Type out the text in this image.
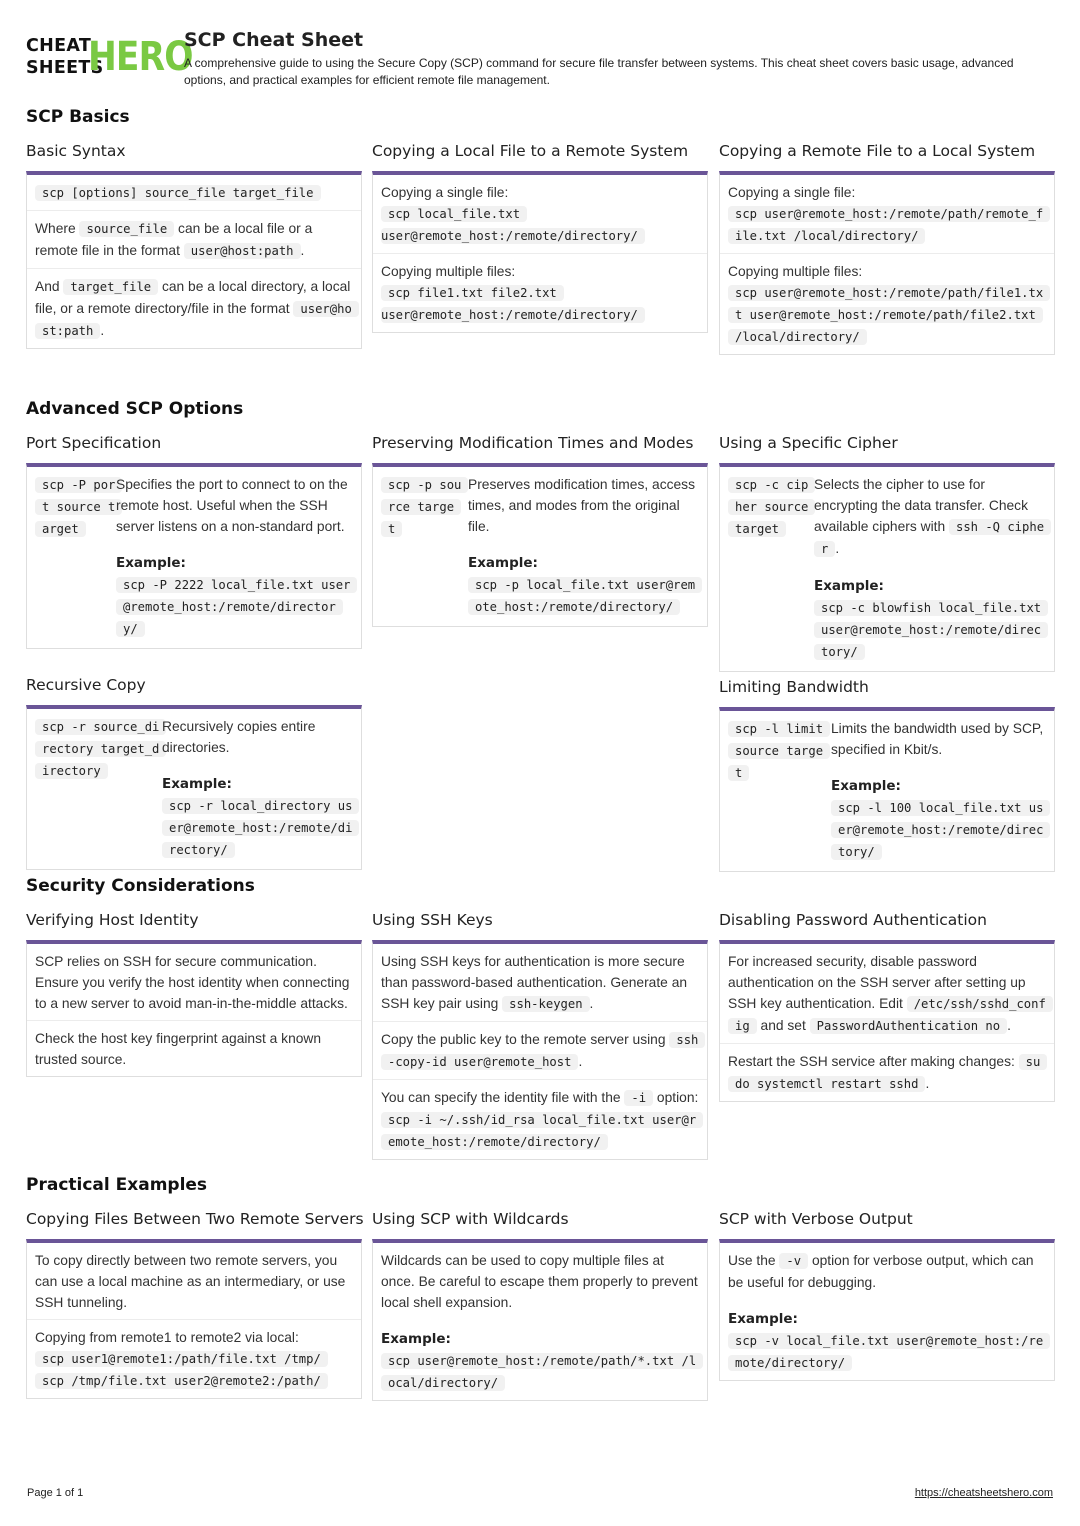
CHEAT
SHEETS
HERO
SCP Cheat Sheet
A comprehensive guide to using the Secure Copy (SCP) command for secure file transfer between systems. This cheat sheet covers basic usage, advanced options, and practical examples for efficient remote file management.
SCP Basics
Basic Syntax
scp [options] source_file target_file
Where source_file can be a local file or a remote file in the format user@host:path .
And target_file can be a local directory, a local file, or a remote directory/file in the format user@host:path .
Copying a Local File to a Remote System
Copying a single file:
scp local_file.txt
user@remote_host:/remote/directory/
Copying multiple files:
scp file1.txt file2.txt
user@remote_host:/remote/directory/
Copying a Remote File to a Local System
Copying a single file:
scp user@remote_host:/remote/path/remote_file.txt /local/directory/
Copying multiple files:
scp user@remote_host:/remote/path/file1.txt user@remote_host:/remote/path/file2.txt /local/directory/
Advanced SCP Options
Port Specification
scp -P port source target
Specifies the port to connect to on the remote host. Useful when the SSH server listens on a non-standard port.
Example:
scp -P 2222 local_file.txt user@remote_host:/remote/directory/
Preserving Modification Times and Modes
scp -p source target
Preserves modification times, access times, and modes from the original file.
Example:
scp -p local_file.txt user@remote_host:/remote/directory/
Using a Specific Cipher
scp -c cipher source target
Selects the cipher to use for encrypting the data transfer. Check available ciphers with ssh -Q cipher .
Example:
scp -c blowfish local_file.txt user@remote_host:/remote/directory/
Recursive Copy
scp -r source_directory target_directory
Recursively copies entire directories.
Example:
scp -r local_directory user@remote_host:/remote/directory/
Limiting Bandwidth
scp -l limit source target
Limits the bandwidth used by SCP, specified in Kbit/s.
Example:
scp -l 100 local_file.txt user@remote_host:/remote/directory/
Security Considerations
Verifying Host Identity
SCP relies on SSH for secure communication. Ensure you verify the host identity when connecting to a new server to avoid man-in-the-middle attacks.
Check the host key fingerprint against a known trusted source.
Using SSH Keys
Using SSH keys for authentication is more secure than password-based authentication. Generate an SSH key pair using ssh-keygen .
Copy the public key to the remote server using ssh-copy-id user@remote_host .
You can specify the identity file with the -i option:
scp -i ~/.ssh/id_rsa local_file.txt user@remote_host:/remote/directory/
Disabling Password Authentication
For increased security, disable password authentication on the SSH server after setting up SSH key authentication. Edit /etc/ssh/sshd_config and set PasswordAuthentication no .
Restart the SSH service after making changes: sudo systemctl restart sshd .
Practical Examples
Copying Files Between Two Remote Servers
To copy directly between two remote servers, you can use a local machine as an intermediary, or use SSH tunneling.
Copying from remote1 to remote2 via local:
scp user1@remote1:/path/file.txt /tmp/
scp /tmp/file.txt user2@remote2:/path/
Using SCP with Wildcards
Wildcards can be used to copy multiple files at once. Be careful to escape them properly to prevent local shell expansion.
Example:
scp user@remote_host:/remote/path/*.txt /local/directory/
SCP with Verbose Output
Use the -v option for verbose output, which can be useful for debugging.
Example:
scp -v local_file.txt user@remote_host:/remote/directory/
Page 1 of 1	https://cheatsheetshero.com
